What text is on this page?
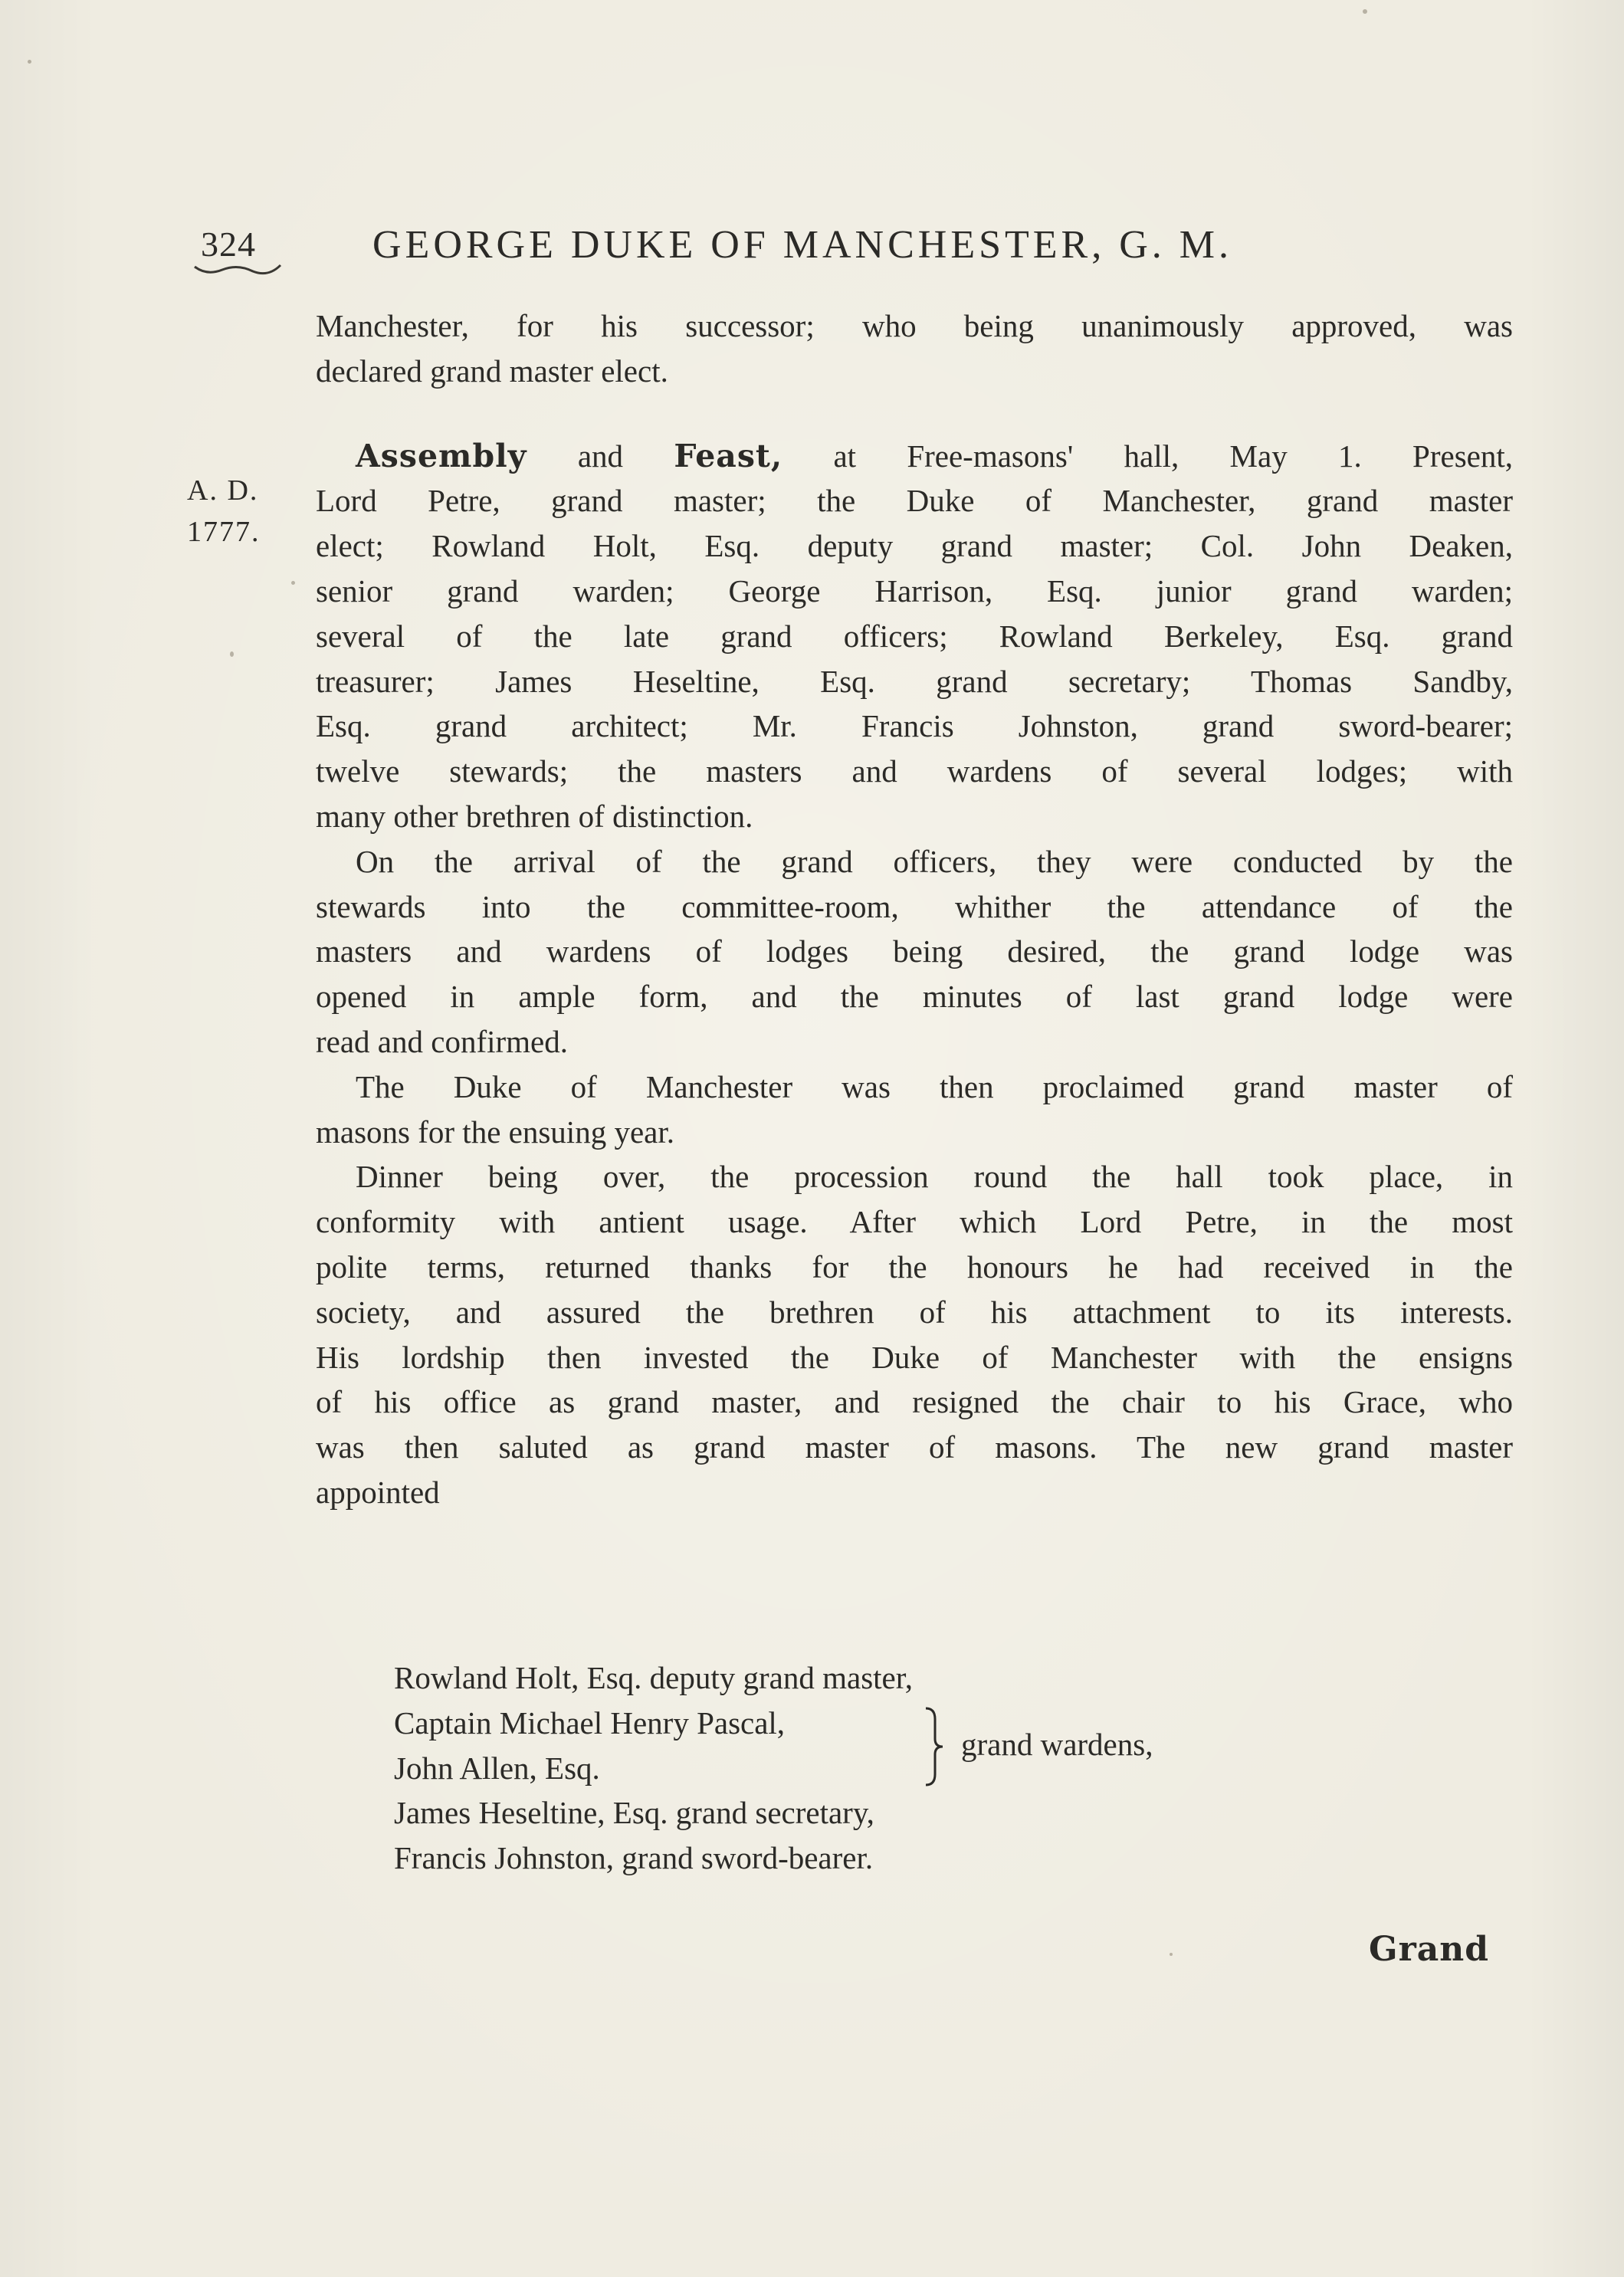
324	GEORGE DUKE OF MANCHESTER, G. M.
A. D.
1777.
Manchester, for his successor; who being unanimously approved, was
declared grand master elect.
Assembly and Feast, at Free-masons' hall, May 1. Present,
Lord Petre, grand master; the Duke of Manchester, grand master
elect; Rowland Holt, Esq. deputy grand master; Col. John Deaken,
senior grand warden; George Harrison, Esq. junior grand warden;
several of the late grand officers; Rowland Berkeley, Esq. grand
treasurer; James Heseltine, Esq. grand secretary; Thomas Sandby,
Esq. grand architect; Mr. Francis Johnston, grand sword-bearer;
twelve stewards; the masters and wardens of several lodges; with
many other brethren of distinction.
On the arrival of the grand officers, they were conducted by the
stewards into the committee-room, whither the attendance of the
masters and wardens of lodges being desired, the grand lodge was
opened in ample form, and the minutes of last grand lodge were
read and confirmed.
The Duke of Manchester was then proclaimed grand master of
masons for the ensuing year.
Dinner being over, the procession round the hall took place, in
conformity with antient usage. After which Lord Petre, in the most
polite terms, returned thanks for the honours he had received in the
society, and assured the brethren of his attachment to its interests.
His lordship then invested the Duke of Manchester with the ensigns
of his office as grand master, and resigned the chair to his Grace, who
was then saluted as grand master of masons. The new grand master
appointed
Rowland Holt, Esq. deputy grand master,
Captain Michael Henry Pascal,
John Allen, Esq.
grand wardens,
James Heseltine, Esq. grand secretary,
Francis Johnston, grand sword-bearer.
Grand
